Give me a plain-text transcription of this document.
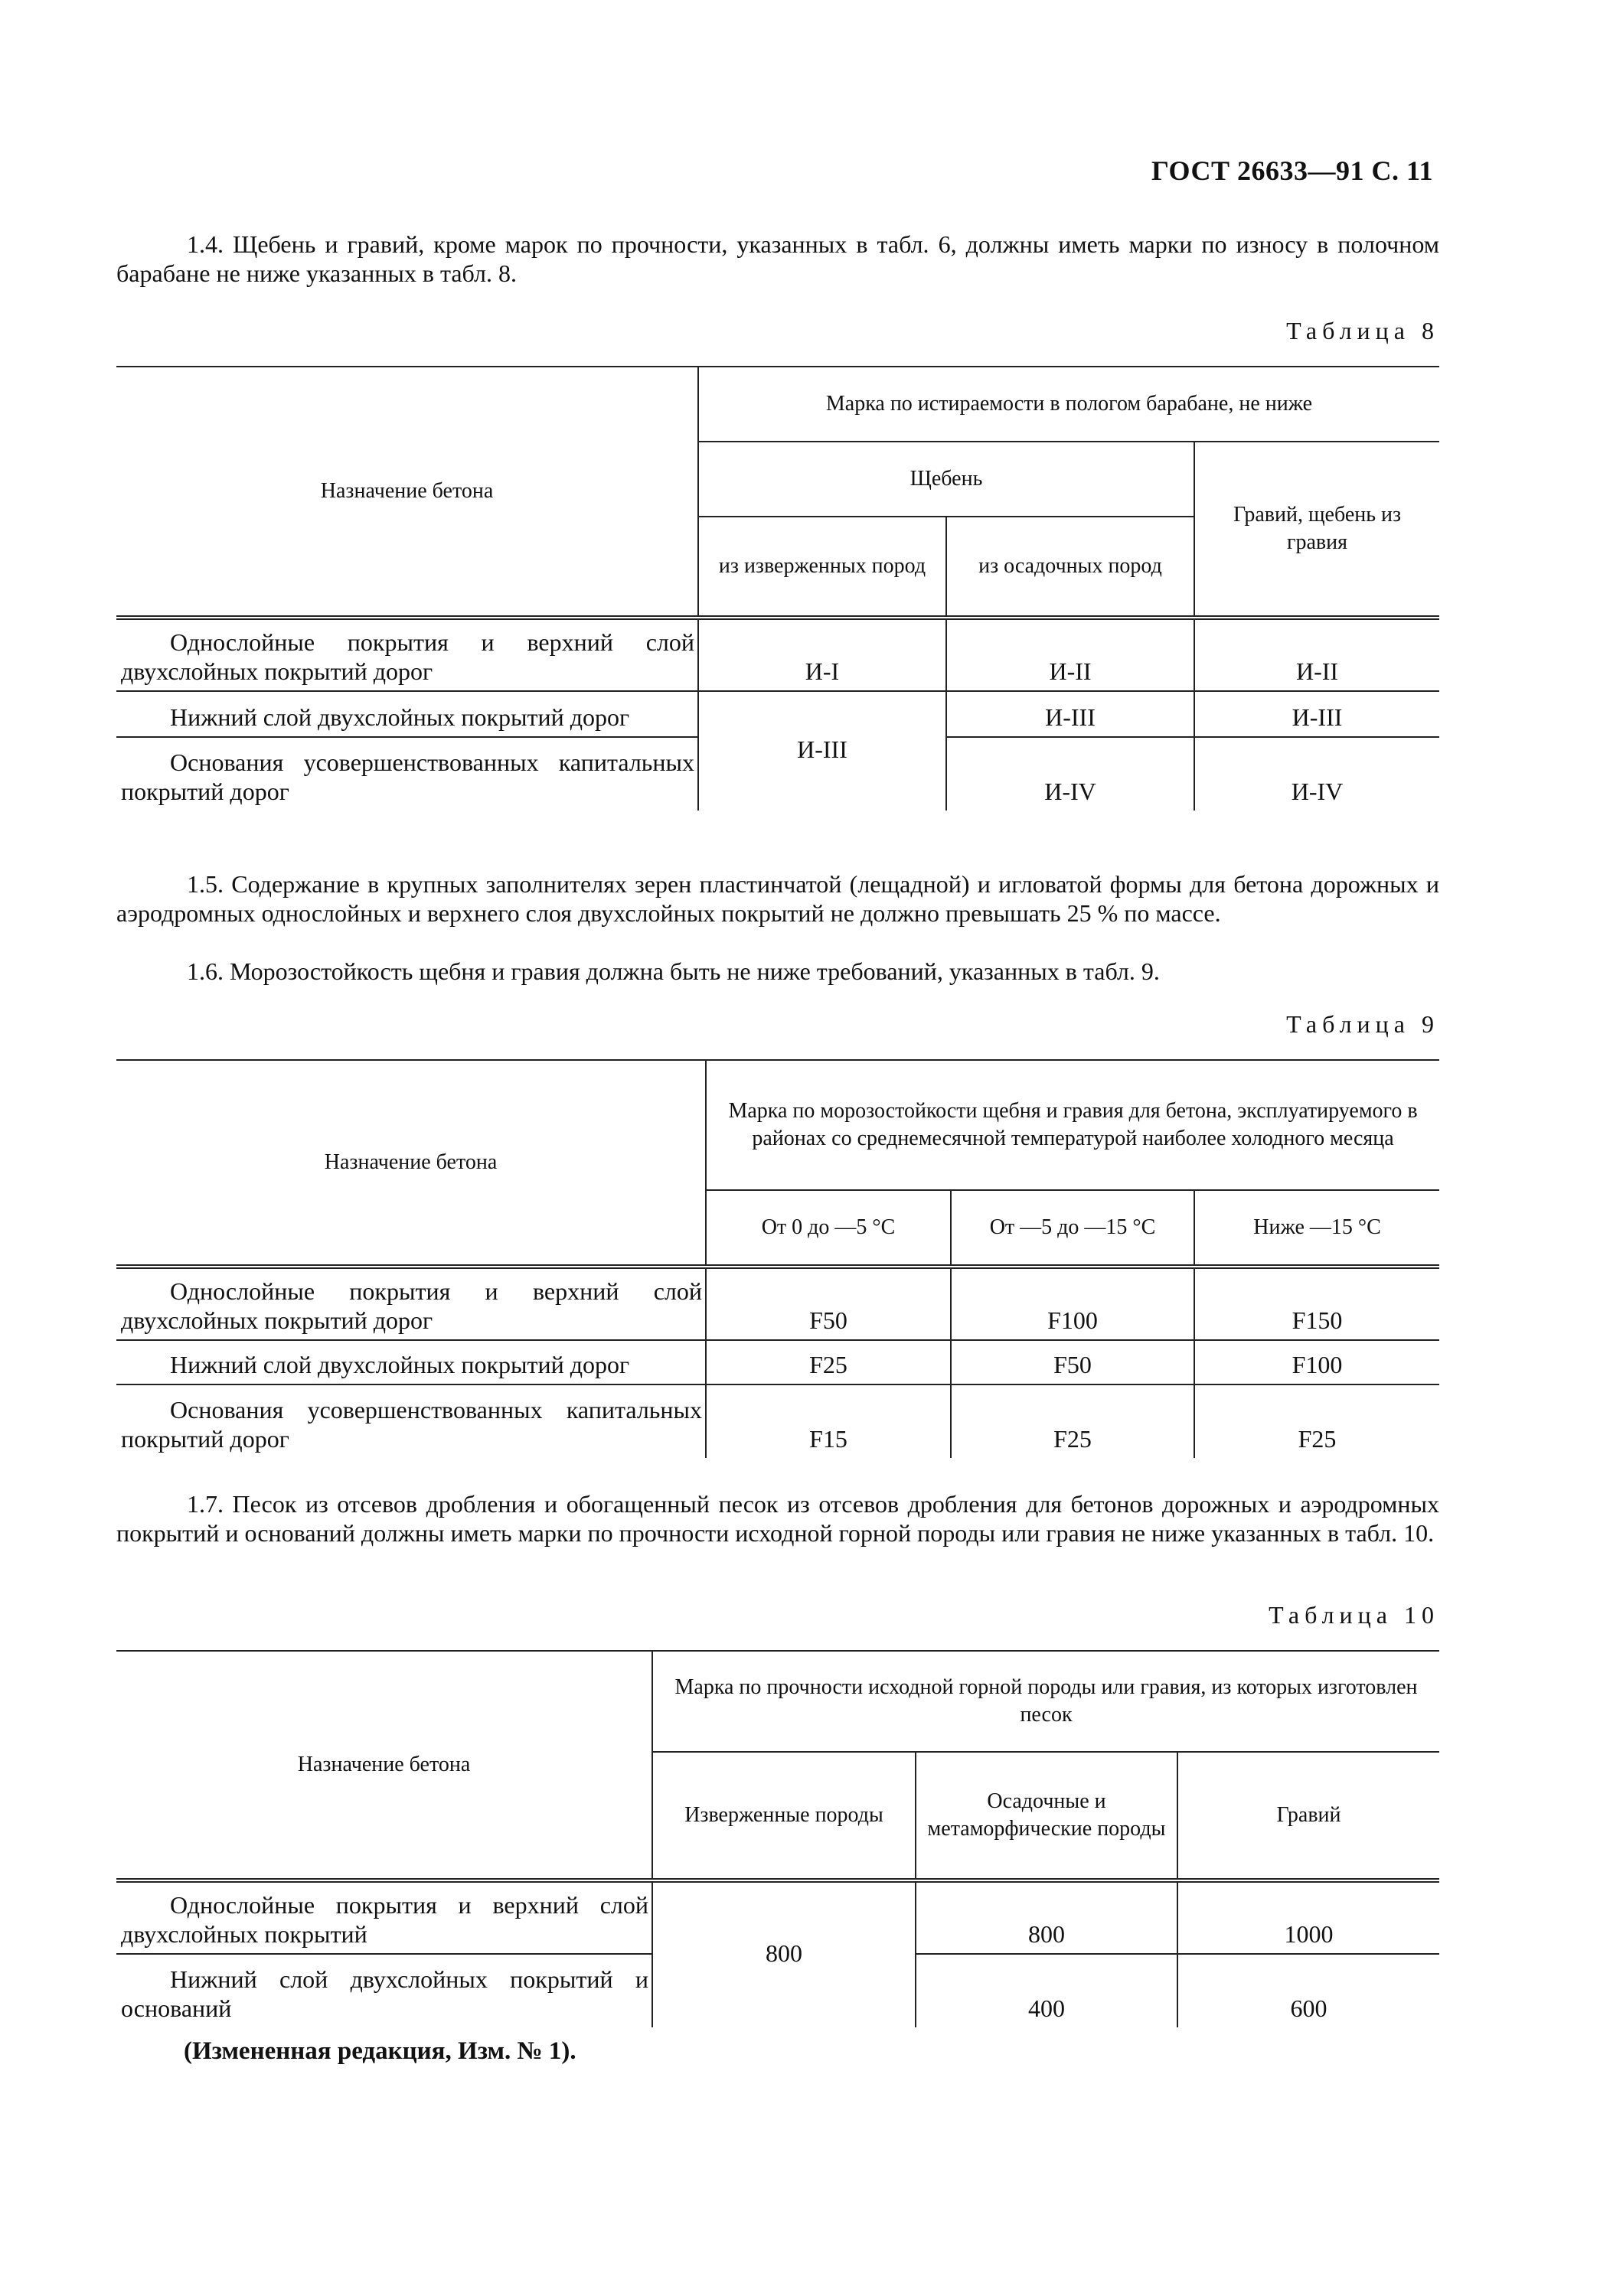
ГОСТ 26633—91 С. 11

1.4. Щебень и гравий, кроме марок по прочности, указанных в табл. 6, должны иметь марки по износу в полочном барабане не ниже указанных в табл. 8.

Таблица 8
Назначение бетона	Марка по истираемости в пологом барабане, не ниже		
	Щебень		Гравий, щебень из гравия
	из изверженных пород	из осадочных пород	
Однослойные покрытия и верхний слой двухслойных покрытий дорог	И-I	И-II	И-II
Нижний слой двухслойных покрытий дорог	И-III	И-III	И-III
Основания усовершенствованных капитальных покрытий дорог		И-IV	И-IV

1.5. Содержание в крупных заполнителях зерен пластинчатой (лещадной) и игловатой формы для бетона дорожных и аэродромных однослойных и верхнего слоя двухслойных покрытий не должно превышать 25 % по массе.

1.6. Морозостойкость щебня и гравия должна быть не ниже требований, указанных в табл. 9.

Таблица 9
Назначение бетона	Марка по морозостойкости щебня и гравия для бетона, эксплуатируемого в районах со среднемесячной температурой наиболее холодного месяца		
	От 0 до —5 °С	От —5 до —15 °С	Ниже —15 °С
Однослойные покрытия и верхний слой двухслойных покрытий дорог	F50	F100	F150
Нижний слой двухслойных покрытий дорог	F25	F50	F100
Основания усовершенствованных капитальных покрытий дорог	F15	F25	F25

1.7. Песок из отсевов дробления и обогащенный песок из отсевов дробления для бетонов дорожных и аэродромных покрытий и оснований должны иметь марки по прочности исходной горной породы или гравия не ниже указанных в табл. 10.

Таблица 10
Назначение бетона	Марка по прочности исходной горной породы или гравия, из которых изготовлен песок		
	Изверженные породы	Осадочные и метаморфические породы	Гравий
Однослойные покрытия и верхний слой двухслойных покрытий	800	800	1000
Нижний слой двухслойных покрытий и оснований		400	600
(Измененная редакция, Изм. № 1).
